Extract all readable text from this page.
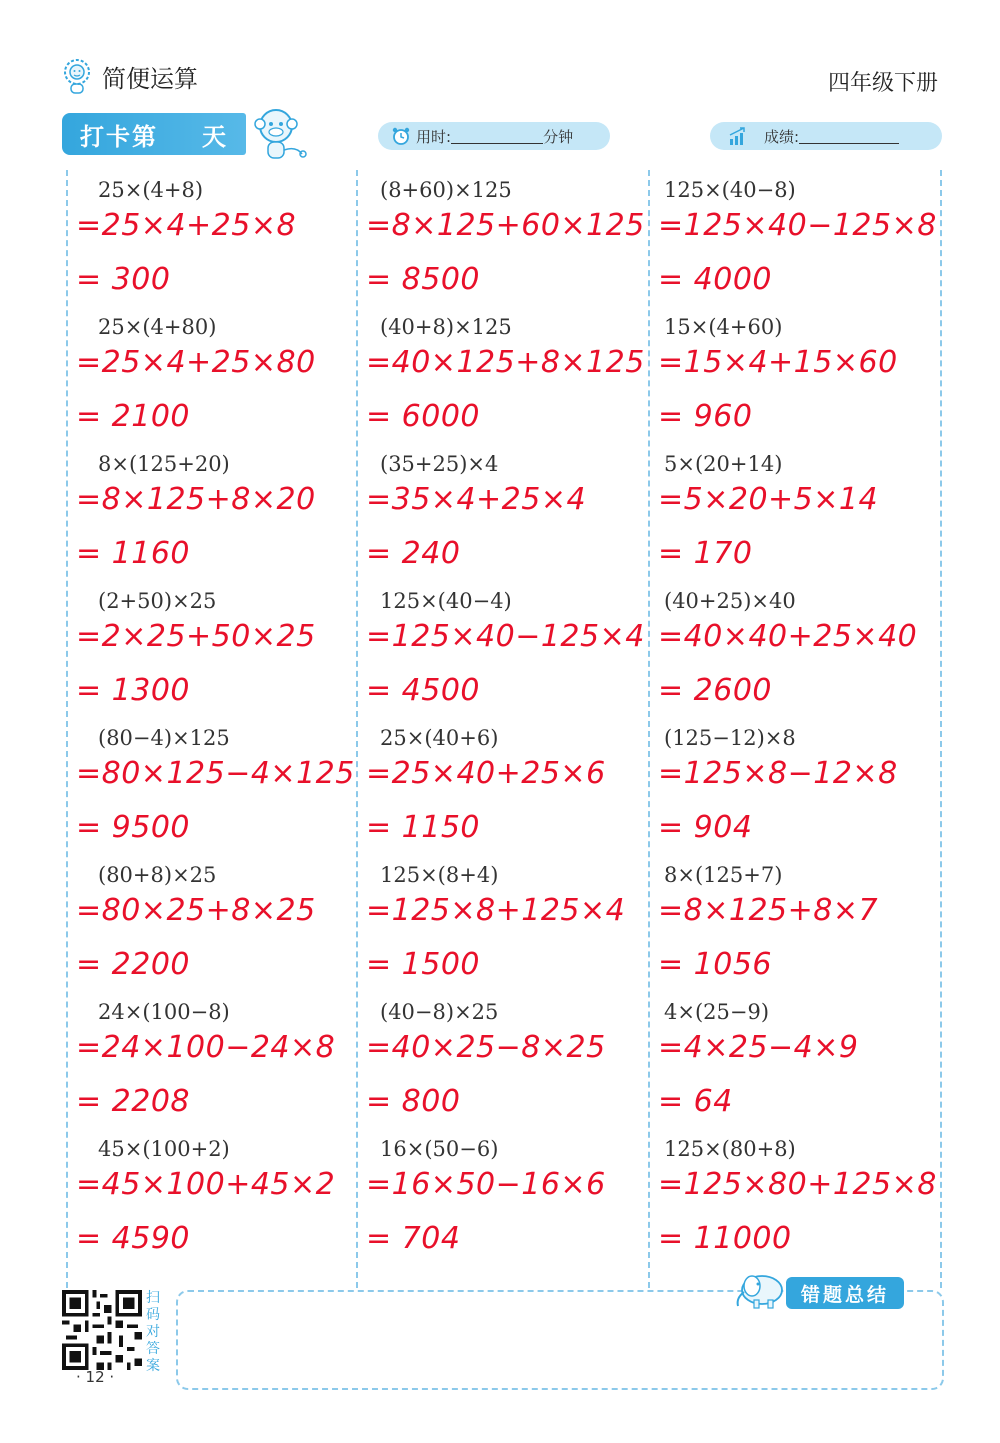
简便运算	四年级下册
打卡第 天	用时:	分钟	成绩:
25×(4+8)
=25×4+25×8
= 300
25×(4+80)
=25×4+25×80
= 2100
8×(125+20)
=8×125+8×20
= 1160
(2+50)×25
=2×25+50×25
= 1300
(80−4)×125
=80×125−4×125
= 9500
(80+8)×25
=80×25+8×25
= 2200
24×(100−8)
=24×100−24×8
= 2208
45×(100+2)
=45×100+45×2
= 4590
(8+60)×125
=8×125+60×125
= 8500
(40+8)×125
=40×125+8×125
= 6000
(35+25)×4
=35×4+25×4
= 240
125×(40−4)
=125×40−125×4
= 4500
25×(40+6)
=25×40+25×6
= 1150
125×(8+4)
=125×8+125×4
= 1500
(40−8)×25
=40×25−8×25
= 800
16×(50−6)
=16×50−16×6
= 704
125×(40−8)
=125×40−125×8
= 4000
15×(4+60)
=15×4+15×60
= 960
5×(20+14)
=5×20+5×14
= 170
(40+25)×40
=40×40+25×40
= 2600
(125−12)×8
=125×8−12×8
= 904
8×(125+7)
=8×125+8×7
= 1056
4×(25−9)
=4×25−4×9
= 64
125×(80+8)
=125×80+125×8
= 11000
错题总结
扫码对答案
· 12 ·
